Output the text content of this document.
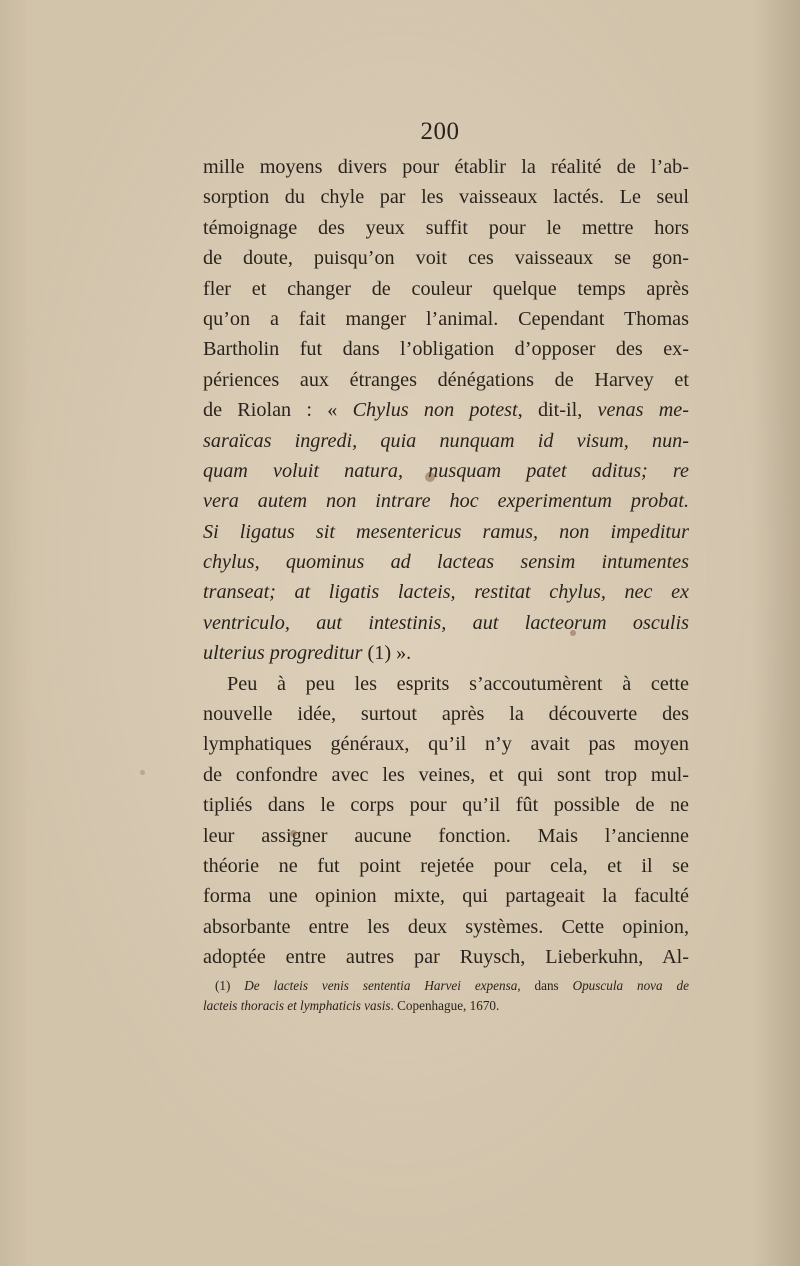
200
mille moyens divers pour établir la réalité de l’ab-
sorption du chyle par les vaisseaux lactés. Le seul
témoignage des yeux suffit pour le mettre hors
de doute, puisqu’on voit ces vaisseaux se gon-
fler et changer de couleur quelque temps après
qu’on a fait manger l’animal. Cependant Thomas
Bartholin fut dans l’obligation d’opposer des ex-
périences aux étranges dénégations de Harvey et
de Riolan : « Chylus non potest, dit-il, venas me-
saraïcas ingredi, quia nunquam id visum, nun-
quam voluit natura, nusquam patet aditus; re
vera autem non intrare hoc experimentum probat.
Si ligatus sit mesentericus ramus, non impeditur
chylus, quominus ad lacteas sensim intumentes
transeat; at ligatis lacteis, restitat chylus, nec ex
ventriculo, aut intestinis, aut lacteorum osculis
ulterius progreditur (1) ».
Peu à peu les esprits s’accoutumèrent à cette
nouvelle idée, surtout après la découverte des
lymphatiques généraux, qu’il n’y avait pas moyen
de confondre avec les veines, et qui sont trop mul-
tipliés dans le corps pour qu’il fût possible de ne
leur assigner aucune fonction. Mais l’ancienne
théorie ne fut point rejetée pour cela, et il se
forma une opinion mixte, qui partageait la faculté
absorbante entre les deux systèmes. Cette opinion,
adoptée entre autres par Ruysch, Lieberkuhn, Al-
(1) De lacteis venis sententia Harvei expensa, dans Opuscula nova de
lacteis thoracis et lymphaticis vasis. Copenhague, 1670.
